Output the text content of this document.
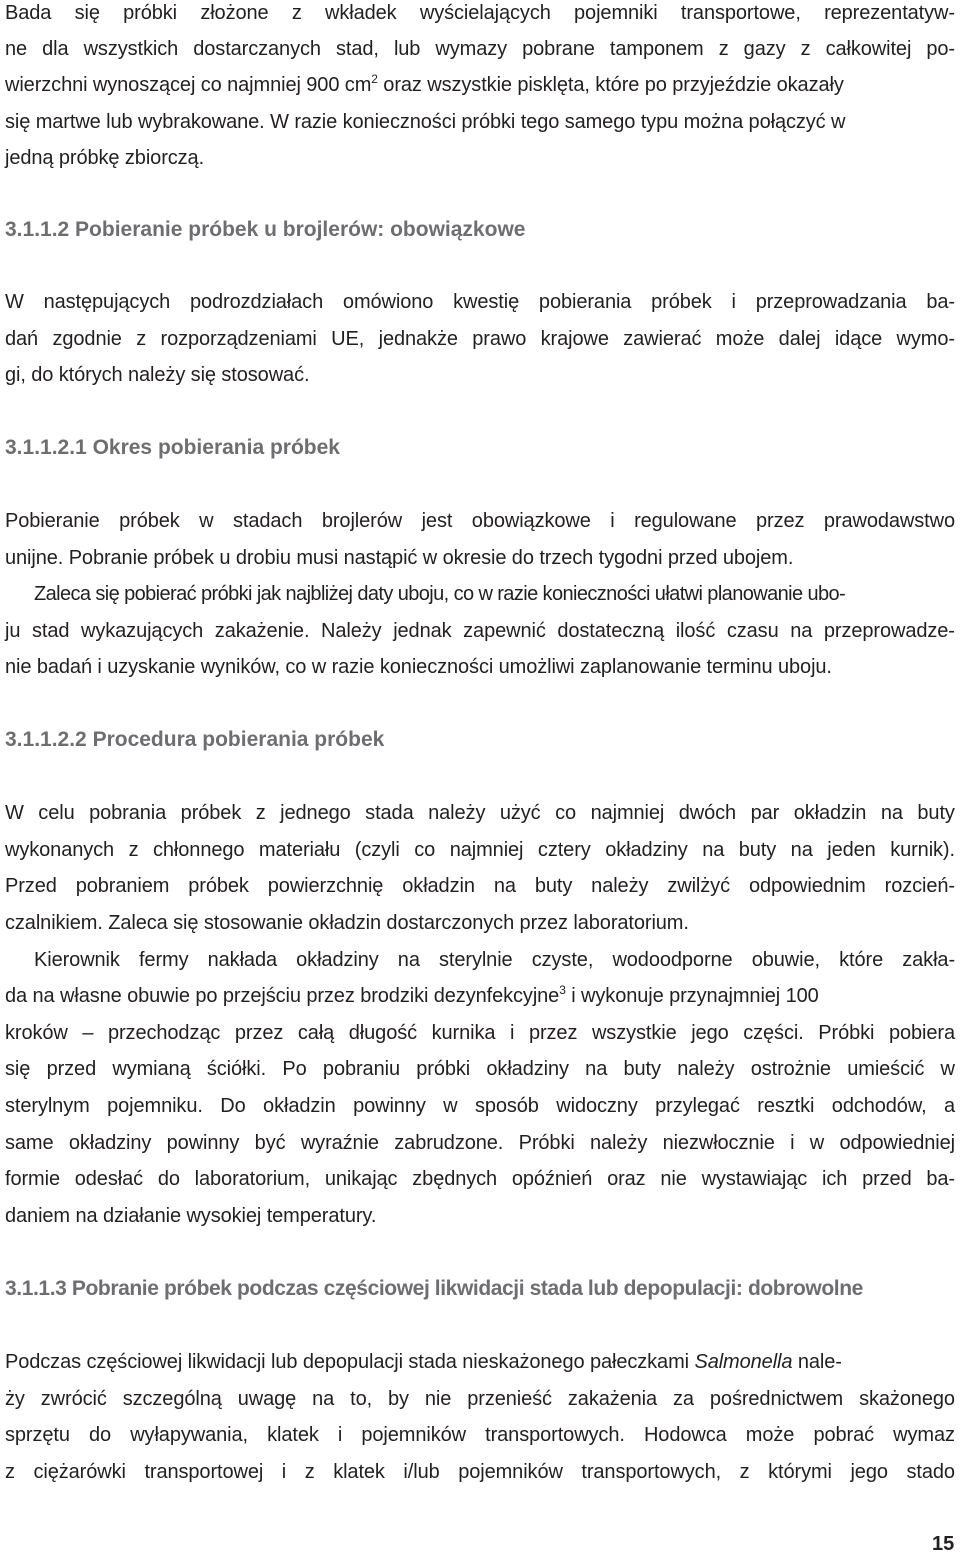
Bada się próbki złożone z wkładek wyścielających pojemniki transportowe, reprezentatyw-
ne dla wszystkich dostarczanych stad, lub wymazy pobrane tamponem z gazy z całkowitej po-
wierzchni wynoszącej co najmniej 900 $cm^2$ oraz wszystkie pisklęta, które po przyjeździe okazały
się martwe lub wybrakowane. W razie konieczności próbki tego samego typu można połączyć w
jedną próbkę zbiorczą.
3.1.1.2 Pobieranie próbek u brojlerów: obowiązkowe
W następujących podrozdziałach omówiono kwestię pobierania próbek i przeprowadzania ba-
dań zgodnie z rozporządzeniami UE, jednakże prawo krajowe zawierać może dalej idące wymo-
gi, do których należy się stosować.
3.1.1.2.1 Okres pobierania próbek
Pobieranie próbek w stadach brojlerów jest obowiązkowe i regulowane przez prawodawstwo
unijne. Pobranie próbek u drobiu musi nastąpić w okresie do trzech tygodni przed ubojem.
Zaleca się pobierać próbki jak najbliżej daty uboju, co w razie konieczności ułatwi planowanie ubo-
ju stad wykazujących zakażenie. Należy jednak zapewnić dostateczną ilość czasu na przeprowadze-
nie badań i uzyskanie wyników, co w razie konieczności umożliwi zaplanowanie terminu uboju.
3.1.1.2.2 Procedura pobierania próbek
W celu pobrania próbek z jednego stada należy użyć co najmniej dwóch par okładzin na buty
wykonanych z chłonnego materiału (czyli co najmniej cztery okładziny na buty na jeden kurnik).
Przed pobraniem próbek powierzchnię okładzin na buty należy zwilżyć odpowiednim rozcień-
czalnikiem. Zaleca się stosowanie okładzin dostarczonych przez laboratorium.
Kierownik fermy nakłada okładziny na sterylnie czyste, wodoodporne obuwie, które zakła-
da na własne obuwie po przejściu przez brodziki dezynfekcyjne$^3$ i wykonuje przynajmniej 100
kroków – przechodząc przez całą długość kurnika i przez wszystkie jego części. Próbki pobiera
się przed wymianą ściółki. Po pobraniu próbki okładziny na buty należy ostrożnie umieścić w
sterylnym pojemniku. Do okładzin powinny w sposób widoczny przylegać resztki odchodów, a
same okładziny powinny być wyraźnie zabrudzone. Próbki należy niezwłocznie i w odpowiedniej
formie odesłać do laboratorium, unikając zbędnych opóźnień oraz nie wystawiając ich przed ba-
daniem na działanie wysokiej temperatury.
3.1.1.3 Pobranie próbek podczas częściowej likwidacji stada lub depopulacji: dobrowolne
Podczas częściowej likwidacji lub depopulacji stada nieskażonego pałeczkami Salmonella nale-
ży zwrócić szczególną uwagę na to, by nie przenieść zakażenia za pośrednictwem skażonego
sprzętu do wyłapywania, klatek i pojemników transportowych. Hodowca może pobrać wymaz
z ciężarówki transportowej i z klatek i/lub pojemników transportowych, z którymi jego stado
15
